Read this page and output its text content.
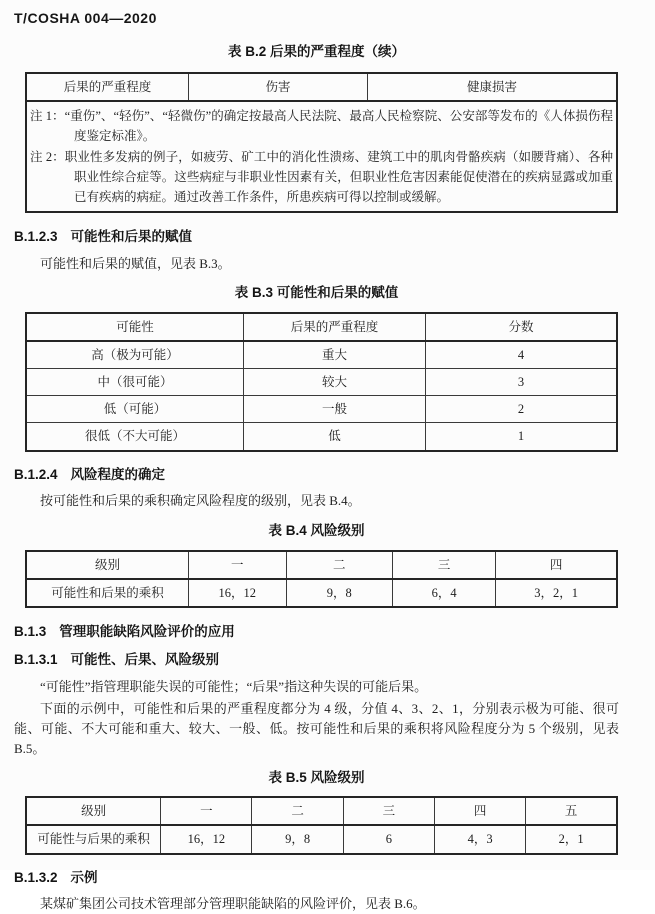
T/COSHA 004—2020
表 B.2 后果的严重程度（续）
后果的严重程度	伤害	健康损害

注 1：“重伤”、“轻伤”、“轻微伤”的确定按最高人民法院、最高人民检察院、公安部等发布的《人体损伤程度鉴定标准》。
注 2：职业性多发病的例子，如疲劳、矿工中的消化性溃疡、建筑工中的肌肉骨骼疾病（如腰背痛）、各种职业性综合症等。这些病症与非职业性因素有关，但职业性危害因素能促使潜在的疾病显露或加重已有疾病的病症。通过改善工作条件，所患疾病可得以控制或缓解。
B.1.2.3 可能性和后果的赋值

可能性和后果的赋值，见表 B.3。

表 B.3 可能性和后果的赋值
可能性	后果的严重程度	分数
高（极为可能）	重大	4
中（很可能）	较大	3
低（可能）	一般	2
很低（不大可能）	低	1
B.1.2.4 风险程度的确定

按可能性和后果的乘积确定风险程度的级别，见表 B.4。

表 B.4 风险级别
级别	一	二	三	四
可能性和后果的乘积	16，12	9，8	6，4	3，2，1
B.1.3 管理职能缺陷风险评价的应用
B.1.3.1 可能性、后果、风险级别

“可能性”指管理职能失误的可能性；“后果”指这种失误的可能后果。

下面的示例中，可能性和后果的严重程度都分为 4 级，分值 4、3、2、1，分别表示极为可能、很可能、可能、不大可能和重大、较大、一般、低。按可能性和后果的乘积将风险程度分为 5 个级别，见表 B.5。

表 B.5 风险级别
级别	一	二	三	四	五
可能性与后果的乘积	16，12	9，8	6	4，3	2，1
B.1.3.2 示例

某煤矿集团公司技术管理部分管理职能缺陷的风险评价，见表 B.6。
